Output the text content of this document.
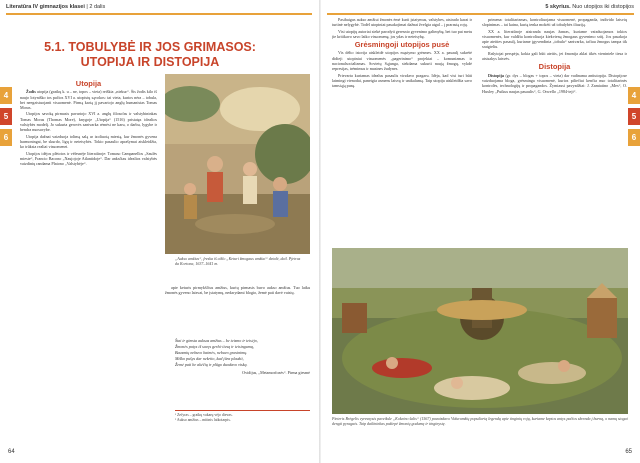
Literatūra IV gimnazijos klasei | 2 dalis	5 skyrius. Nuo utopijos iki distopijos
4
5
6
4
5
6
5.1. TOBULYBĖ IR JOS GRIMASOS: UTOPIJA IR DISTOPIJA
Utopija

Žodis utopija (graikų k. u – ne, topos – vieta) reiškia „niekur“. Šis žodis kilo iš naujo lotyniško tos pačios XVI a. utopistų sąvokos: tai vieta, kurios nėra – tobula, bet neegzistuojanti visuomenė. Pirmą kartą jį pavartojo anglų humanistas Tomas Moras.

Utopijos savoką pirmasis pavartojo XVI a. anglų filosofas ir valstybininkas Tomas Moras (Thomas More), knygoje „Utopija“ (1516) pristatęs idealios valstybės modelį. Jo sukurta gerovės santvarka rėmėsi ne karu, o darbu, lygybe ir bendra nuosavybe.

Utopija dažnai vaizduoja tolimą salą ar izoliuotą miestą, kur žmonės gyvena harmoningai, be skurdo, ligų ir neteisybės. Tokio pasaulio aprašymai atskleidžia, ko trūksta realiai visuomenei.

Utopijos idėjos plėtotos ir vėlesnėje literatūroje: Tomaso Campanellos „Saulės mieste“, Francio Bacono „Naujojoje Atlantidoje“. Dar anksčiau idealios valstybės vaizdinių randama Platono „Valstybėje“.

„Aukso amžius“, freska iš ciklo „Keturi žmogaus amžiai“ detalė, dail. Pjetras da Kortona, 1637–1641 m.

apie keturis pirmykščius amžius, kurių pirmasis buvo aukso amžius. Tuo laiku žmonės gyveno laisvai, be įstatymų, nedarydami blogio, žemė pati davė vaisių.

Štai ir gimsta auksas amžius – be teismo ir teisėjo,
Žmonės patys iš savęs gerbė tiesą ir teisingumą,
Bausmių nebuvo baimės, nebuvo grasinimų.
Miško pušys dar nekrito, kad jūra plaukti,
Žemė pati be akėčių ir plūgo duodavo viską.
Ovidijus, „Metamorfozės“. Pirma giesmė
¹ Zefyras – graikų vakarų vėjo dievas.
² Aukso amžius – mitinis laikotarpis.

Pasibaigus aukso amžiui žmonės ėmė kurti įstatymus, valstybes, atsirado karai ir turtinė nelygybė. Todėl utopiniai pasakojimai dažnai žvelgia atgal – į prarastą rojų.

Visi utopijų autoriai siekė parodyti geresnio gyvenimo galimybę, bet tuo pat metu jie kritikavo savo laiko visuomenę, jos ydas ir neteisybę.

Grėsmingoji utopijos pusė

Vis dėlto istorija atskleidė utopijos mąstymo grėsmes. XX a. pasaulį sukrėtė didieji utopiniai visuomenės „pagerinimo“ projektai – komunizmas ir nacionalsocializmas. Sovietų Sąjunga, siekdama sukurti naują žmogų, vykdė represijas, trėmimus ir masines žudynes.

Prievarta kuriamas idealus pasaulis virsdavo pragaru. Idėja, kad visi turi būti laimingi vienodai, paneigia asmens laisvę ir unikalumą. Taip utopija atskleidžia savo tamsiąją pusę.

primena: totalitarizmas, kontroliuojama visuomenė, propaganda, individo laisvių slopinimas – tai kaina, kurią tenka mokėti už tobulybės iliuziją.

XX a. literatūroje atsiranda naujas žanras, kuriame vaizduojamos tokios visuomenės, kur valdžia kontroliuoja kiekvieną žmogaus gyvenimo sritį. Jos pasakoja apie ateities pasaulį, kuriame įgyvendinta „tobula“ santvarka, tačiau žmogus tampa tik sraigteliu.

Rašytojai perspėja, kokia gali būti ateitis, jei žmonija aklai tikės vienintele tiesa ir atsisakys laisvės.

Distopija

Distopija (gr. dys – blogas + topos – vieta) dar vadinama antiutopija. Distopijose vaizduojama bloga, grėsminga visuomenė, kurios piliečiai kenčia nuo totalitarinės kontrolės, technologijų ir propagandos. Žymiausi pavyzdžiai: J. Zamiatino „Mes“, O. Huxley „Puikus naujas pasaulis“, G. Orwello „1984-ieji“.

Pieteris Brėgelis vyresnysis paveiksle „Kokeino šalis“ (1567) pavaizdavo Viduramžių populiarią legendą apie tinginių rojų, kuriame keptos antys pačios skrenda į burną, o namų stogai dengti pyragais. Taip dailininkas pašiepė žmonių godumą ir tinginystę.
64	65
